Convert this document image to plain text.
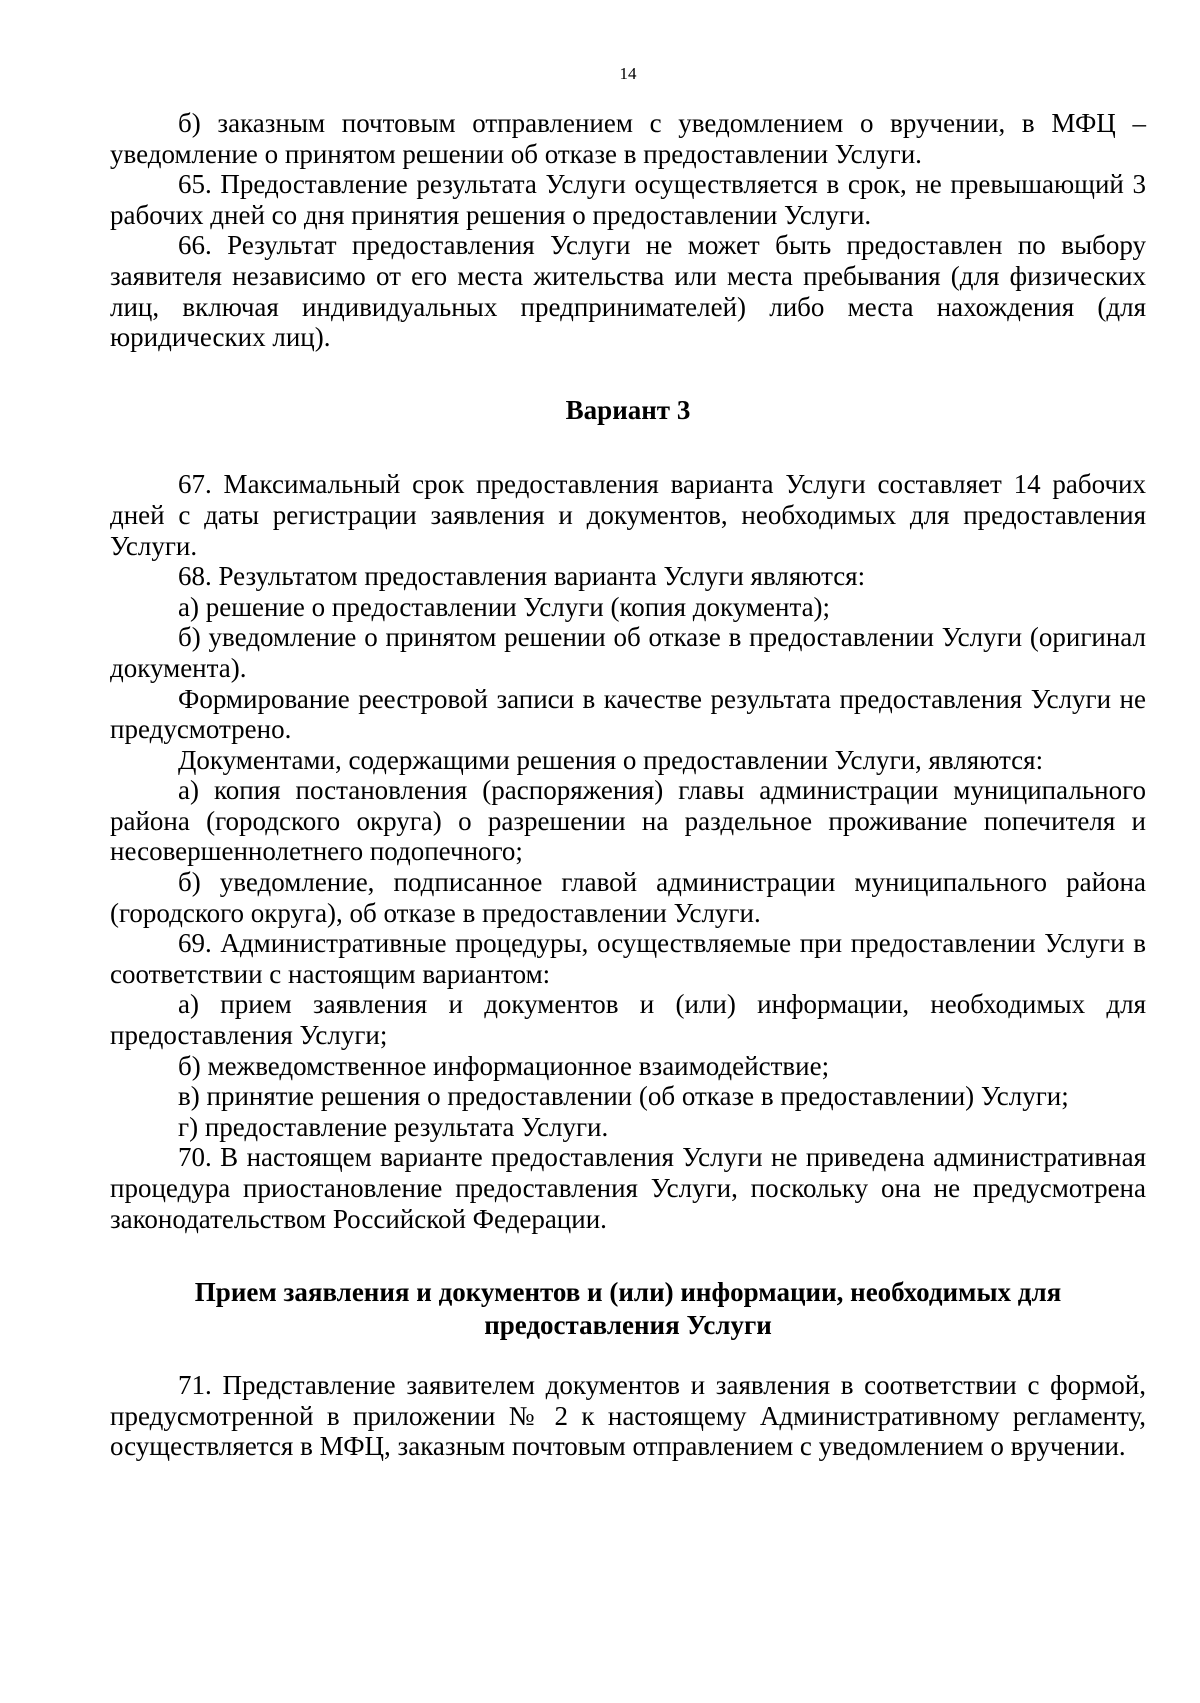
14

б) заказным почтовым отправлением с уведомлением о вручении, в МФЦ – уведомление о принятом решении об отказе в предоставлении Услуги.

65. Предоставление результата Услуги осуществляется в срок, не превышающий 3 рабочих дней со дня принятия решения о предоставлении Услуги.

66. Результат предоставления Услуги не может быть предоставлен по выбору заявителя независимо от его места жительства или места пребывания (для физических лиц, включая индивидуальных предпринимателей) либо места нахождения (для юридических лиц).

Вариант 3

67. Максимальный срок предоставления варианта Услуги составляет 14 рабочих дней с даты регистрации заявления и документов, необходимых для предоставления Услуги.

68. Результатом предоставления варианта Услуги являются:

а) решение о предоставлении Услуги (копия документа);

б) уведомление о принятом решении об отказе в предоставлении Услуги (оригинал документа).

Формирование реестровой записи в качестве результата предоставления Услуги не предусмотрено.

Документами, содержащими решения о предоставлении Услуги, являются:

а) копия постановления (распоряжения) главы администрации муниципального района (городского округа) о разрешении на раздельное проживание попечителя и несовершеннолетнего подопечного;

б) уведомление, подписанное главой администрации муниципального района (городского округа), об отказе в предоставлении Услуги.

69. Административные процедуры, осуществляемые при предоставлении Услуги в соответствии с настоящим вариантом:

а) прием заявления и документов и (или) информации, необходимых для предоставления Услуги;

б) межведомственное информационное взаимодействие;

в) принятие решения о предоставлении (об отказе в предоставлении) Услуги;

г) предоставление результата Услуги.

70. В настоящем варианте предоставления Услуги не приведена административная процедура приостановление предоставления Услуги, поскольку она не предусмотрена законодательством Российской Федерации.

Прием заявления и документов и (или) информации, необходимых для
предоставления Услуги

71. Представление заявителем документов и заявления в соответствии с формой, предусмотренной в приложении № 2 к настоящему Административному регламенту, осуществляется в МФЦ, заказным почтовым отправлением с уведомлением о вручении.
